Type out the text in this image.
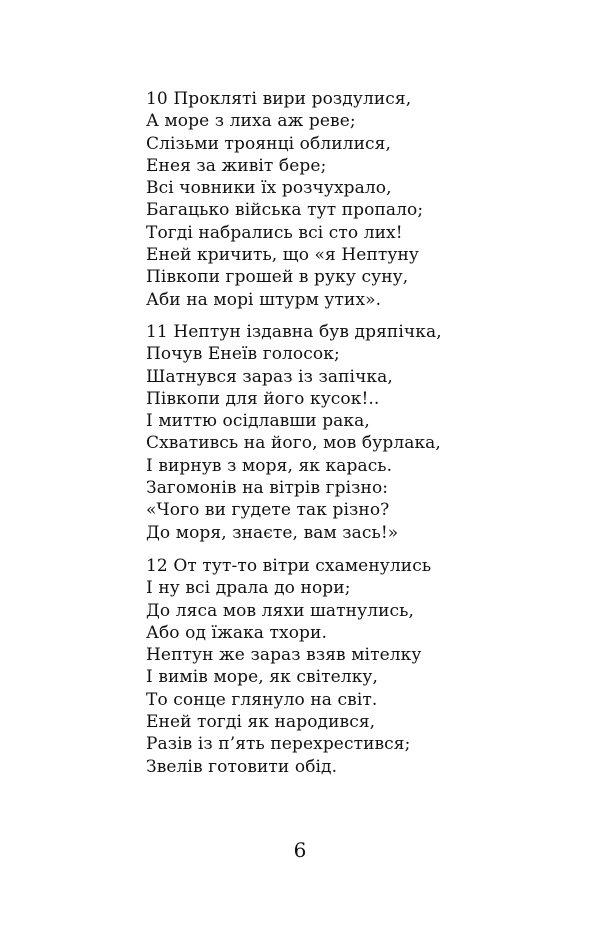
10 Прокляті вири роздулися,
А море з лиха аж реве;
Слізьми троянці облилися,
Енея за живіт бере;
Всі човники їх розчухрало,
Багацько війська тут пропало;
Тогді набрались всі сто лих!
Еней кричить, що «я Нептуну
Півкопи грошей в руку суну,
Аби на морі штурм утих».
11 Нептун іздавна був дряпічка,
Почув Енеїв голосок;
Шатнувся зараз із запічка,
Півкопи для його кусок!..
І миттю осідлавши рака,
Схвативсь на його, мов бурлака,
І вирнув з моря, як карась.
Загомонів на вітрів грізно:
«Чого ви гудете так різно?
До моря, знаєте, вам зась!»
12 От тут-то вітри схаменулись
І ну всі драла до нори;
До ляса мов ляхи шатнулись,
Або од їжака тхори.
Нептун же зараз взяв мітелку
І вимів море, як світелку,
То сонце глянуло на світ.
Еней тогді як народився,
Разів із п’ять перехрестився;
Звелів готовити обід.
6
